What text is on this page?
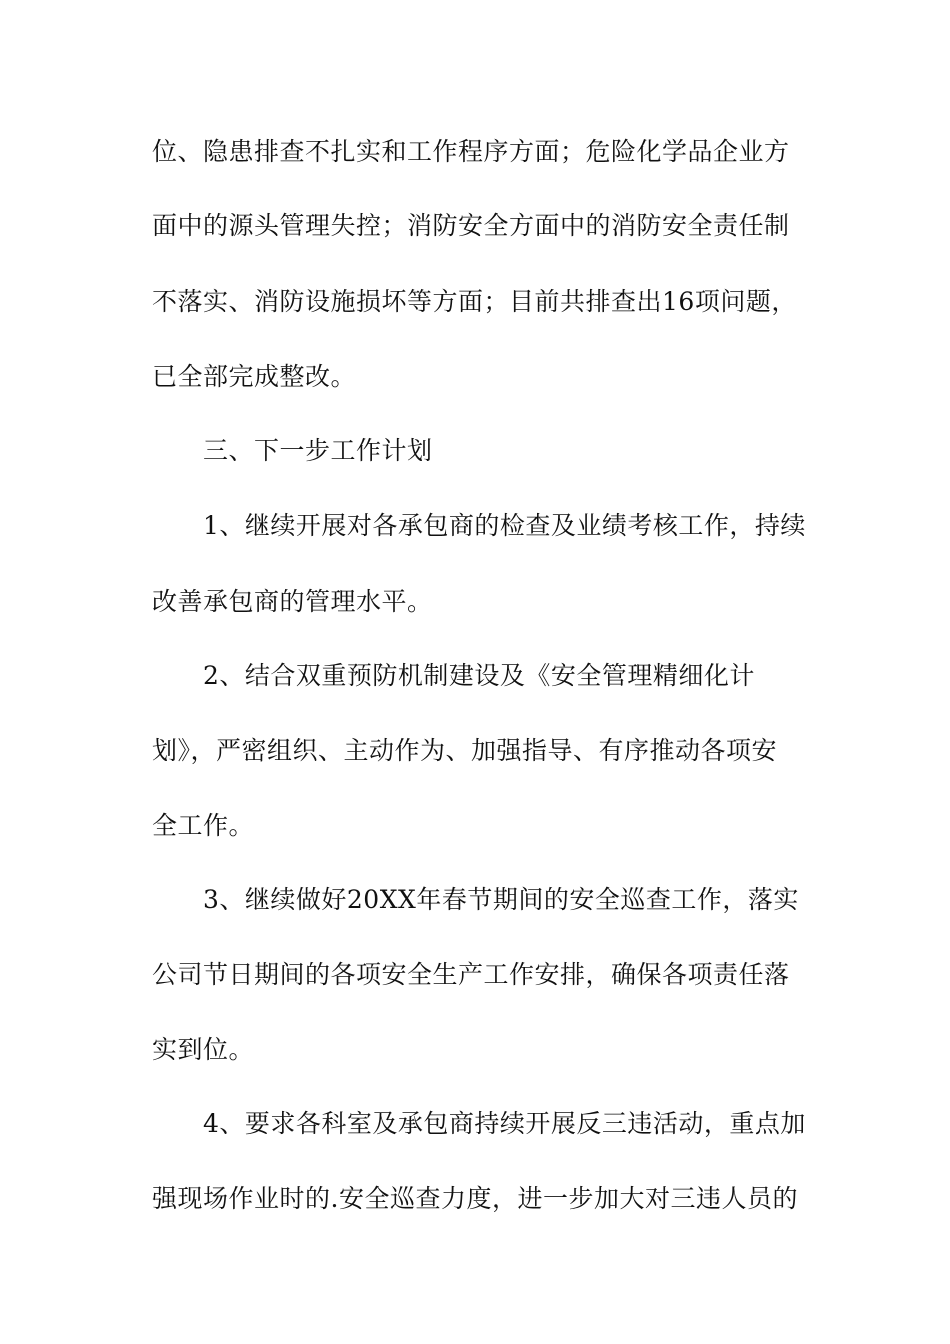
位、隐患排查不扎实和工作程序方面；危险化学品企业方
面中的源头管理失控；消防安全方面中的消防安全责任制
不落实、消防设施损坏等方面；目前共排查出16项问题，
已全部完成整改。
三、下一步工作计划
1、继续开展对各承包商的检查及业绩考核工作，持续
改善承包商的管理水平。
2、结合双重预防机制建设及《安全管理精细化计
划》，严密组织、主动作为、加强指导、有序推动各项安
全工作。
3、继续做好20XX年春节期间的安全巡查工作，落实
公司节日期间的各项安全生产工作安排，确保各项责任落
实到位。
4、要求各科室及承包商持续开展反三违活动，重点加
强现场作业时的.安全巡查力度，进一步加大对三违人员的
